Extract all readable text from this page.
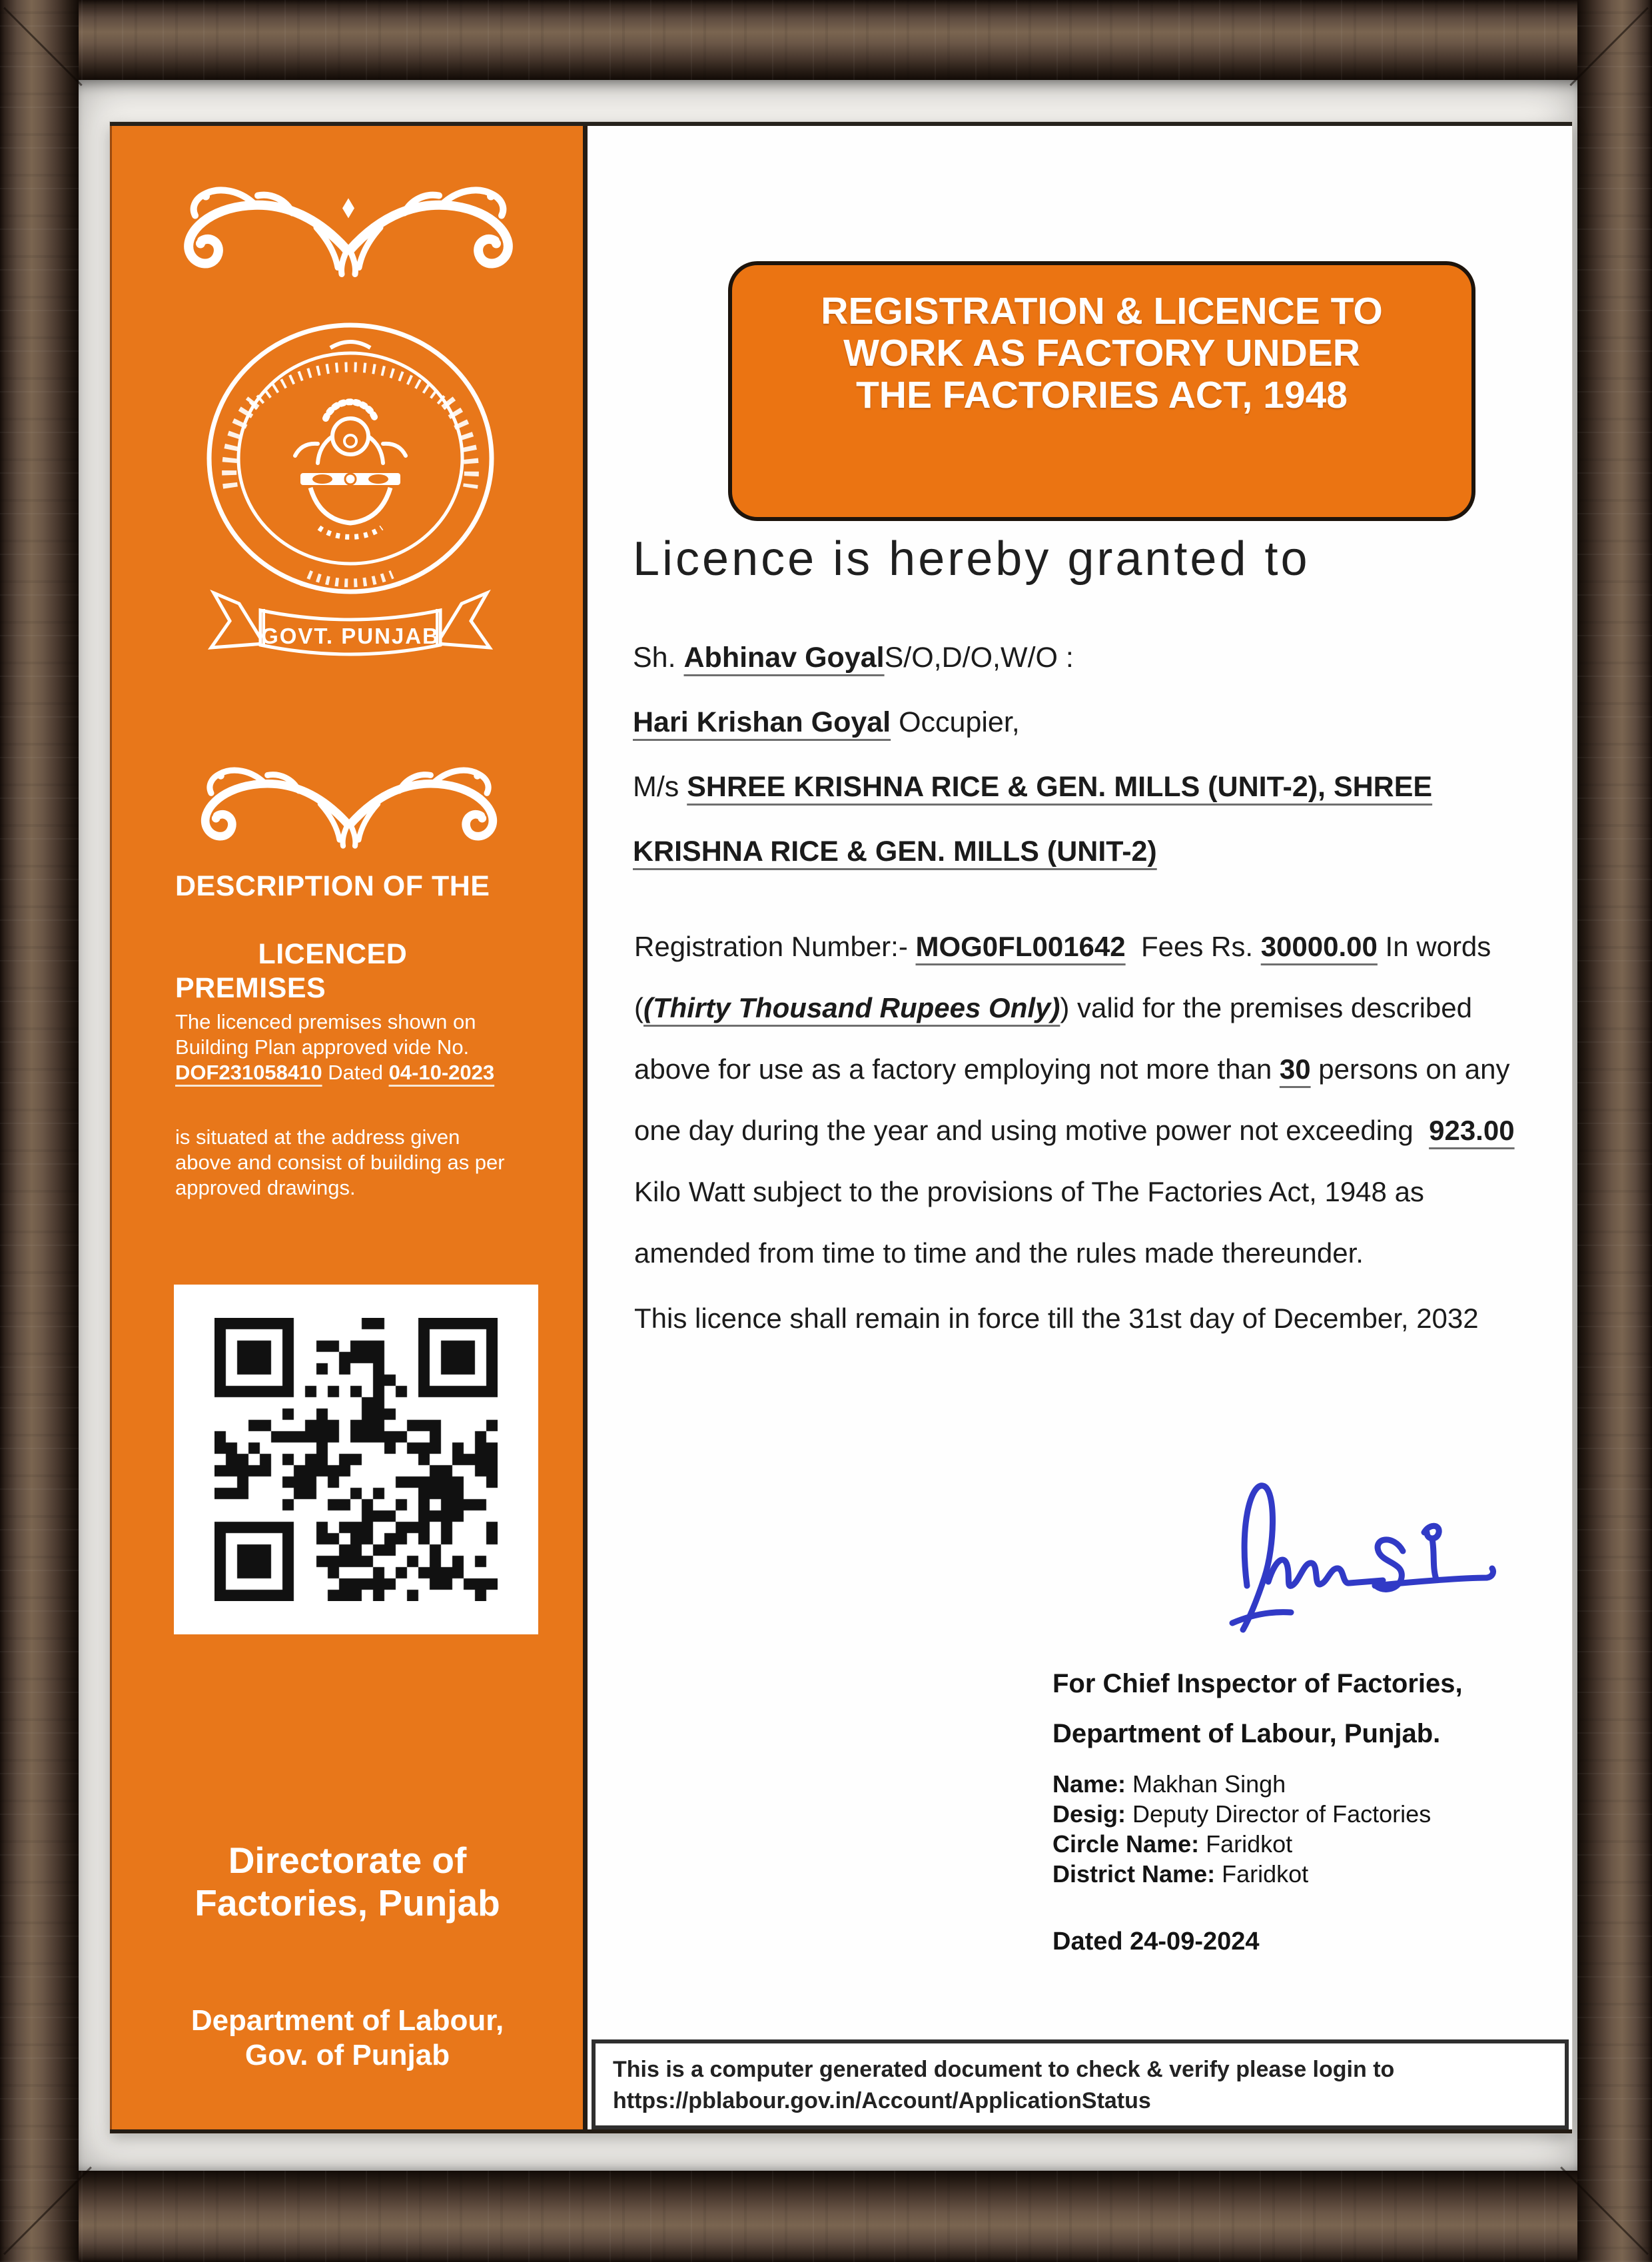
GOVT. PUNJAB
DESCRIPTION OF THE

LICENCED  PREMISES
The licenced premises shown on Building Plan approved vide No. DOF231058410 Dated 04-10-2023
is situated at the address given above and consist of building as per approved drawings.
Directorate of
Factories, Punjab
Department of Labour,
Gov. of Punjab
REGISTRATION & LICENCE TO
WORK AS FACTORY UNDER
THE FACTORIES ACT, 1948
Licence is hereby granted to
Sh. Abhinav GoyalS/O,D/O,W/O :
Hari Krishan Goyal Occupier,
M/s SHREE KRISHNA RICE & GEN. MILLS (UNIT-2), SHREE KRISHNA RICE & GEN. MILLS (UNIT-2)
Registration Number:- MOG0FL001642  Fees Rs. 30000.00 In words ((Thirty Thousand Rupees Only)) valid for the premises described above for use as a factory employing not more than 30 persons on any one day during the year and using motive power not exceeding  923.00 Kilo Watt subject to the provisions of The Factories Act, 1948 as amended from time to time and the rules made thereunder.
This licence shall remain in force till the 31st day of December, 2032
For Chief Inspector of Factories,
Department of Labour, Punjab.
Name: Makhan Singh
Desig: Deputy Director of Factories
Circle Name: Faridkot
District Name: Faridkot
Dated 24-09-2024
This is a computer generated document to check & verify please login to
https://pblabour.gov.in/Account/ApplicationStatus
